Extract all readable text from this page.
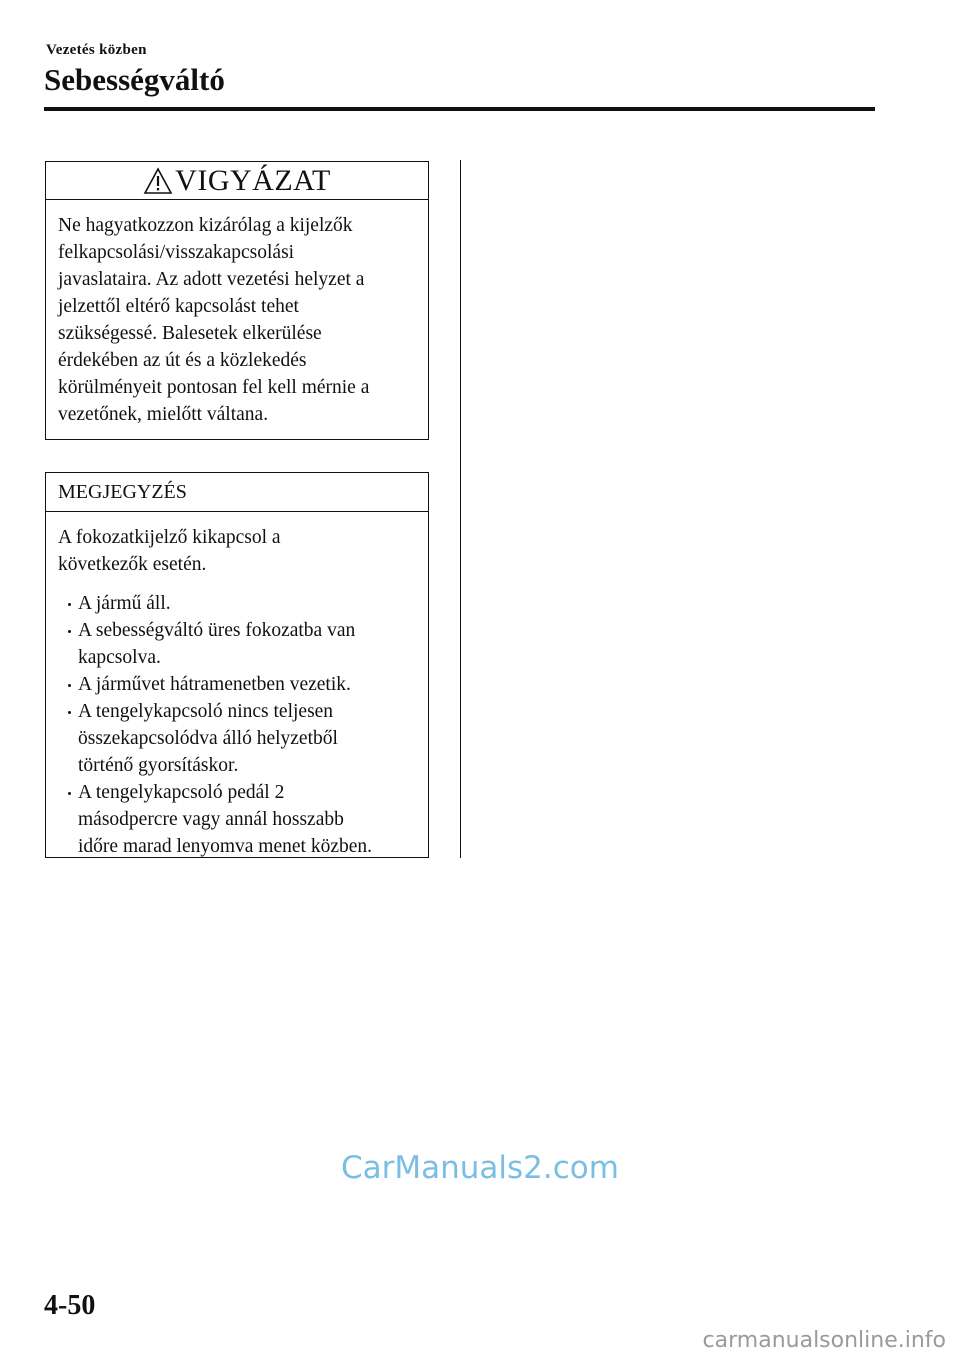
Vezetés közben
Sebességváltó
VIGYÁZAT

Ne hagyatkozzon kizárólag a kijelzők
felkapcsolási/visszakapcsolási
javaslataira. Az adott vezetési helyzet a
jelzettől eltérő kapcsolást tehet
szükségessé. Balesetek elkerülése
érdekében az út és a közlekedés
körülményeit pontosan fel kell mérnie a
vezetőnek, mielőtt váltana.

MEGJEGYZÉS

A fokozatkijelző kikapcsol a
következők esetén.

A jármű áll.
A sebességváltó üres fokozatba van
kapcsolva.
A járművet hátramenetben vezetik.
A tengelykapcsoló nincs teljesen
összekapcsolódva álló helyzetből
történő gyorsításkor.
A tengelykapcsoló pedál 2
másodpercre vagy annál hosszabb
időre marad lenyomva menet közben.
CarManuals2.com
4-50
carmanualsonline.info
